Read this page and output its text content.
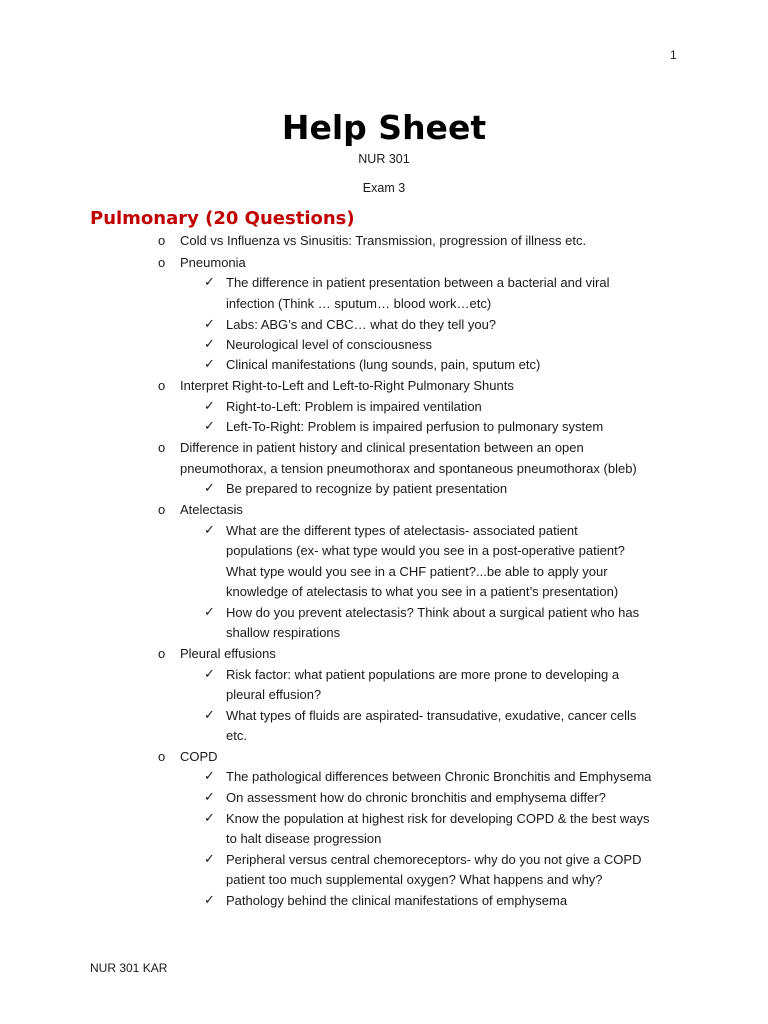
1
Help Sheet
NUR 301
Exam 3
Pulmonary (20 Questions)
o Cold vs Influenza vs Sinusitis: Transmission, progression of illness etc.
o Pneumonia
✓ The difference in patient presentation between a bacterial and viral
infection (Think … sputum… blood work…etc)
✓ Labs: ABG’s and CBC… what do they tell you?
✓ Neurological level of consciousness
✓ Clinical manifestations (lung sounds, pain, sputum etc)
o Interpret Right-to-Left and Left-to-Right Pulmonary Shunts
✓ Right-to-Left: Problem is impaired ventilation
✓ Left-To-Right: Problem is impaired perfusion to pulmonary system
o Difference in patient history and clinical presentation between an open
pneumothorax, a tension pneumothorax and spontaneous pneumothorax (bleb)
✓ Be prepared to recognize by patient presentation
o Atelectasis
✓ What are the different types of atelectasis- associated patient
populations (ex- what type would you see in a post-operative patient?
What type would you see in a CHF patient?...be able to apply your
knowledge of atelectasis to what you see in a patient’s presentation)
✓ How do you prevent atelectasis? Think about a surgical patient who has
shallow respirations
o Pleural effusions
✓ Risk factor: what patient populations are more prone to developing a
pleural effusion?
✓ What types of fluids are aspirated- transudative, exudative, cancer cells
etc.
o COPD
✓ The pathological differences between Chronic Bronchitis and Emphysema
✓ On assessment how do chronic bronchitis and emphysema differ?
✓ Know the population at highest risk for developing COPD & the best ways
to halt disease progression
✓ Peripheral versus central chemoreceptors- why do you not give a COPD
patient too much supplemental oxygen? What happens and why?
✓ Pathology behind the clinical manifestations of emphysema
NUR 301 KAR
